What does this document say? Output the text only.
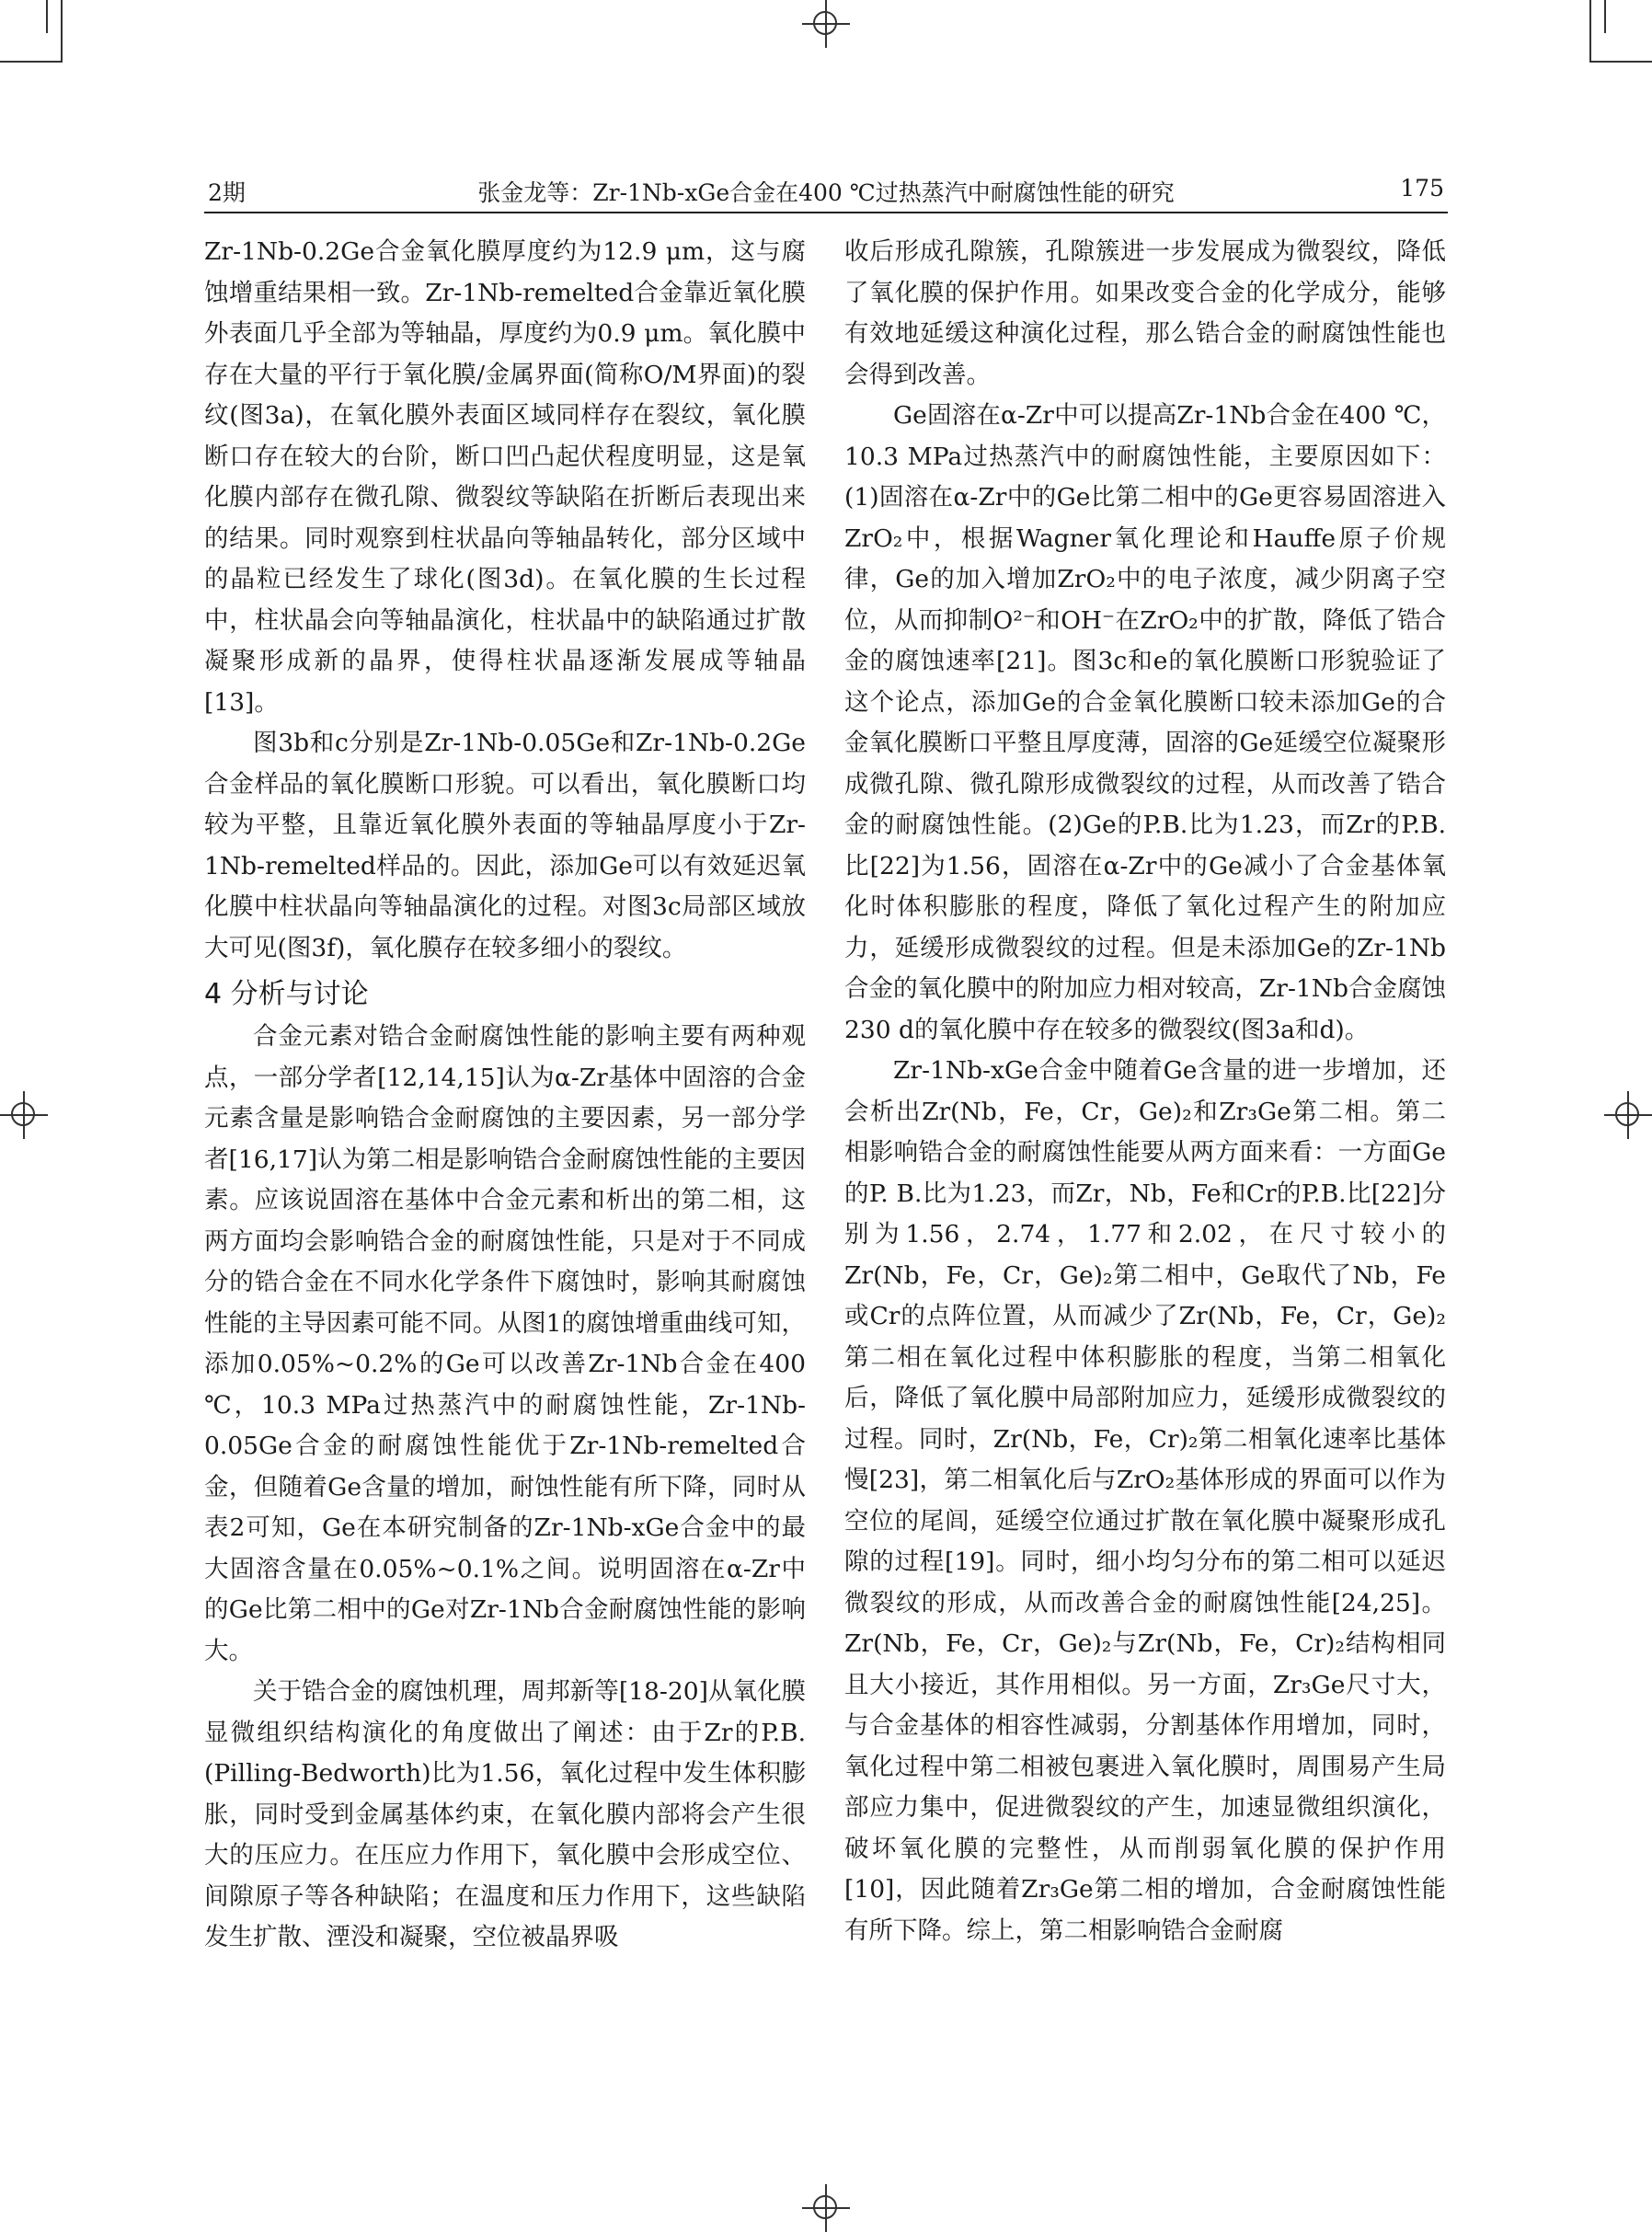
2期	张金龙等：Zr-1Nb-xGe合金在400 ℃过热蒸汽中耐腐蚀性能的研究	175

Zr-1Nb-0.2Ge合金氧化膜厚度约为12.9 μm，这与腐蚀增重结果相一致。Zr-1Nb-remelted合金靠近氧化膜外表面几乎全部为等轴晶，厚度约为0.9 μm。氧化膜中存在大量的平行于氧化膜/金属界面(简称O/M界面)的裂纹(图3a)，在氧化膜外表面区域同样存在裂纹，氧化膜断口存在较大的台阶，断口凹凸起伏程度明显，这是氧化膜内部存在微孔隙、微裂纹等缺陷在折断后表现出来的结果。同时观察到柱状晶向等轴晶转化，部分区域中的晶粒已经发生了球化(图3d)。在氧化膜的生长过程中，柱状晶会向等轴晶演化，柱状晶中的缺陷通过扩散凝聚形成新的晶界，使得柱状晶逐渐发展成等轴晶[13]。

图3b和c分别是Zr-1Nb-0.05Ge和Zr-1Nb-0.2Ge合金样品的氧化膜断口形貌。可以看出，氧化膜断口均较为平整，且靠近氧化膜外表面的等轴晶厚度小于Zr-1Nb-remelted样品的。因此，添加Ge可以有效延迟氧化膜中柱状晶向等轴晶演化的过程。对图3c局部区域放大可见(图3f)，氧化膜存在较多细小的裂纹。

4 分析与讨论

合金元素对锆合金耐腐蚀性能的影响主要有两种观点，一部分学者[12,14,15]认为α-Zr基体中固溶的合金元素含量是影响锆合金耐腐蚀的主要因素，另一部分学者[16,17]认为第二相是影响锆合金耐腐蚀性能的主要因素。应该说固溶在基体中合金元素和析出的第二相，这两方面均会影响锆合金的耐腐蚀性能，只是对于不同成分的锆合金在不同水化学条件下腐蚀时，影响其耐腐蚀性能的主导因素可能不同。从图1的腐蚀增重曲线可知，添加0.05%~0.2%的Ge可以改善Zr-1Nb合金在400 ℃，10.3 MPa过热蒸汽中的耐腐蚀性能，Zr-1Nb-0.05Ge合金的耐腐蚀性能优于Zr-1Nb-remelted合金，但随着Ge含量的增加，耐蚀性能有所下降，同时从表2可知，Ge在本研究制备的Zr-1Nb-xGe合金中的最大固溶含量在0.05%~0.1%之间。说明固溶在α-Zr中的Ge比第二相中的Ge对Zr-1Nb合金耐腐蚀性能的影响大。

关于锆合金的腐蚀机理，周邦新等[18-20]从氧化膜显微组织结构演化的角度做出了阐述：由于Zr的P.B.(Pilling-Bedworth)比为1.56，氧化过程中发生体积膨胀，同时受到金属基体约束，在氧化膜内部将会产生很大的压应力。在压应力作用下，氧化膜中会形成空位、间隙原子等各种缺陷；在温度和压力作用下，这些缺陷发生扩散、湮没和凝聚，空位被晶界吸

收后形成孔隙簇，孔隙簇进一步发展成为微裂纹，降低了氧化膜的保护作用。如果改变合金的化学成分，能够有效地延缓这种演化过程，那么锆合金的耐腐蚀性能也会得到改善。

Ge固溶在α-Zr中可以提高Zr-1Nb合金在400 ℃，10.3 MPa过热蒸汽中的耐腐蚀性能，主要原因如下：(1)固溶在α-Zr中的Ge比第二相中的Ge更容易固溶进入ZrO₂中，根据Wagner氧化理论和Hauffe原子价规律，Ge的加入增加ZrO₂中的电子浓度，减少阴离子空位，从而抑制O²⁻和OH⁻在ZrO₂中的扩散，降低了锆合金的腐蚀速率[21]。图3c和e的氧化膜断口形貌验证了这个论点，添加Ge的合金氧化膜断口较未添加Ge的合金氧化膜断口平整且厚度薄，固溶的Ge延缓空位凝聚形成微孔隙、微孔隙形成微裂纹的过程，从而改善了锆合金的耐腐蚀性能。(2)Ge的P.B.比为1.23，而Zr的P.B.比[22]为1.56，固溶在α-Zr中的Ge减小了合金基体氧化时体积膨胀的程度，降低了氧化过程产生的附加应力，延缓形成微裂纹的过程。但是未添加Ge的Zr-1Nb合金的氧化膜中的附加应力相对较高，Zr-1Nb合金腐蚀230 d的氧化膜中存在较多的微裂纹(图3a和d)。

Zr-1Nb-xGe合金中随着Ge含量的进一步增加，还会析出Zr(Nb，Fe，Cr，Ge)₂和Zr₃Ge第二相。第二相影响锆合金的耐腐蚀性能要从两方面来看：一方面Ge的P. B.比为1.23，而Zr，Nb，Fe和Cr的P.B.比[22]分别为1.56，2.74，1.77和2.02，在尺寸较小的Zr(Nb，Fe，Cr，Ge)₂第二相中，Ge取代了Nb，Fe或Cr的点阵位置，从而减少了Zr(Nb，Fe，Cr，Ge)₂第二相在氧化过程中体积膨胀的程度，当第二相氧化后，降低了氧化膜中局部附加应力，延缓形成微裂纹的过程。同时，Zr(Nb，Fe，Cr)₂第二相氧化速率比基体慢[23]，第二相氧化后与ZrO₂基体形成的界面可以作为空位的尾闾，延缓空位通过扩散在氧化膜中凝聚形成孔隙的过程[19]。同时，细小均匀分布的第二相可以延迟微裂纹的形成，从而改善合金的耐腐蚀性能[24,25]。Zr(Nb，Fe，Cr，Ge)₂与Zr(Nb，Fe，Cr)₂结构相同且大小接近，其作用相似。另一方面，Zr₃Ge尺寸大，与合金基体的相容性减弱，分割基体作用增加，同时，氧化过程中第二相被包裹进入氧化膜时，周围易产生局部应力集中，促进微裂纹的产生，加速显微组织演化，破坏氧化膜的完整性，从而削弱氧化膜的保护作用[10]，因此随着Zr₃Ge第二相的增加，合金耐腐蚀性能有所下降。综上，第二相影响锆合金耐腐
